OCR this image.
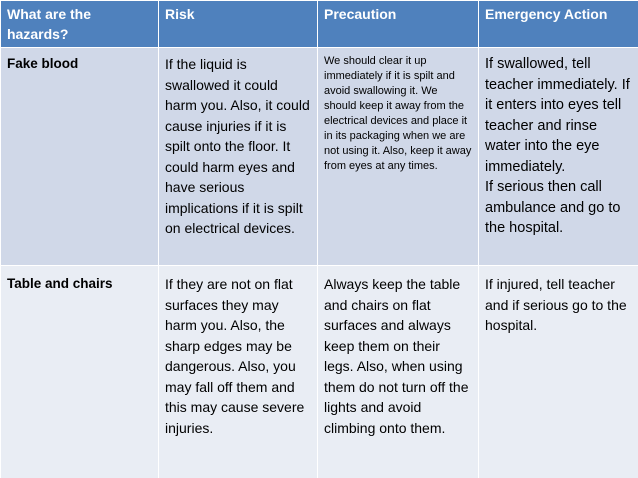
What are the hazards?	Risk	Precaution	Emergency Action
Fake blood	If the liquid is swallowed it could harm you. Also, it could cause injuries if it is spilt onto the floor. It could harm eyes and have serious implications if it is spilt on electrical devices.	We should clear it up immediately if it is spilt and avoid swallowing it. We should keep it away from the electrical devices and place it in its packaging when we are not using it. Also, keep it away from eyes at any times.	If swallowed, tell teacher immediately. If it enters into eyes tell teacher and rinse water into the eye immediately.
If serious then call ambulance and go to the hospital.
Table and chairs	If they are not on flat surfaces they may harm you. Also, the sharp edges may be dangerous. Also, you may fall off them and this may cause severe injuries.	Always keep the table and chairs on flat surfaces and always keep them on their legs. Also, when using them do not turn off the lights and avoid climbing onto them.	If injured, tell teacher and if serious go to the hospital.
